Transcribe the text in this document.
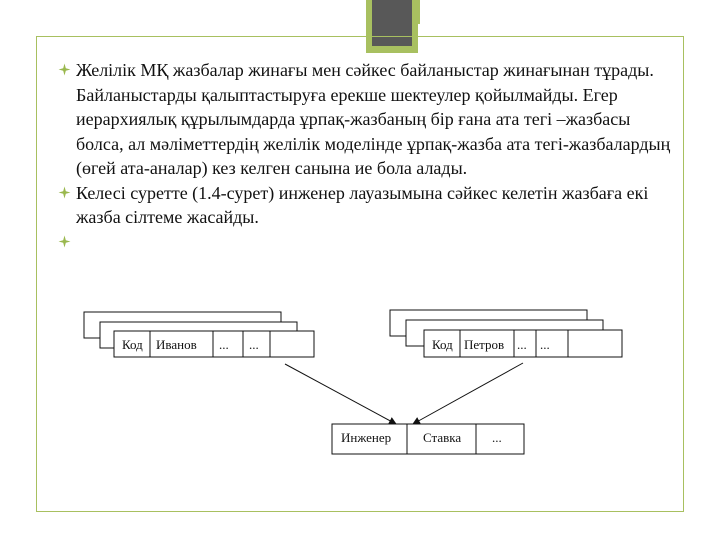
Желілік МҚ жазбалар жинағы мен сәйкес байланыстар жинағынан тұрады. Байланыстарды қалыптастыруға ерекше шектеулер қойылмайды. Егер иерархиялық құрылымдарда ұрпақ-жазбаның бір ғана ата тегі –жазбасы болса, ал мәліметтердің желілік моделінде ұрпақ-жазба ата тегі-жазбалардың (өгей ата-аналар) кез келген санына ие бола алады.
Келесі суретте (1.4-сурет) инженер лауазымына сәйкес келетін жазбаға екі жазба сілтеме жасайды.
Код Иванов ... ...	Код Петров ... ...
Инженер Ставка ...
